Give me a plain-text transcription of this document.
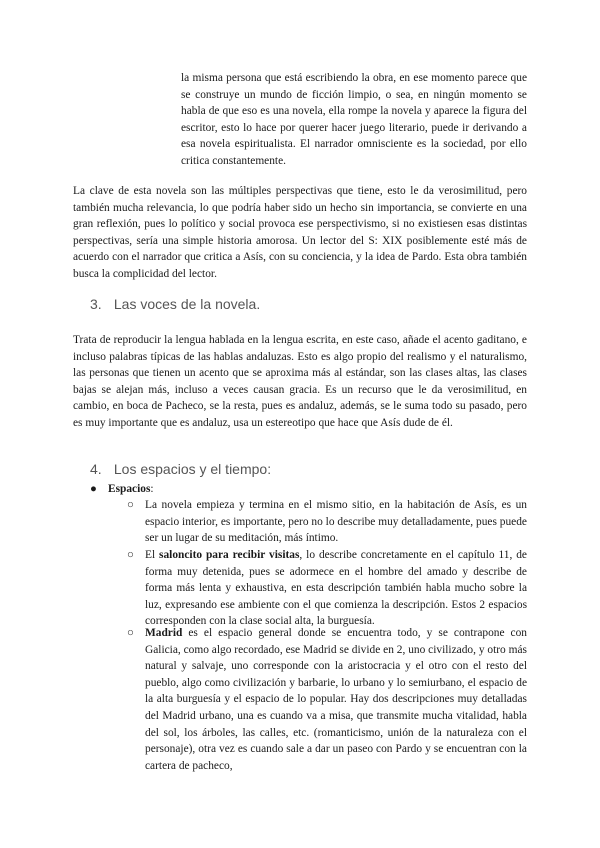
la misma persona que está escribiendo la obra, en ese momento parece que se construye un mundo de ficción limpio, o sea, en ningún momento se habla de que eso es una novela, ella rompe la novela y aparece la figura del escritor, esto lo hace por querer hacer juego literario, puede ir derivando a esa novela espiritualista. El narrador omnisciente es la sociedad, por ello critica constantemente.

La clave de esta novela son las múltiples perspectivas que tiene, esto le da verosimilitud, pero también mucha relevancia, lo que podría haber sido un hecho sin importancia, se convierte en una gran reflexión, pues lo político y social provoca ese perspectivismo, si no existiesen esas distintas perspectivas, sería una simple historia amorosa. Un lector del S: XIX posiblemente esté más de acuerdo con el narrador que critica a Asís, con su conciencia, y la idea de Pardo. Esta obra también busca la complicidad del lector.

3. Las voces de la novela.

Trata de reproducir la lengua hablada en la lengua escrita, en este caso, añade el acento gaditano, e incluso palabras típicas de las hablas andaluzas. Esto es algo propio del realismo y el naturalismo, las personas que tienen un acento que se aproxima más al estándar, son las clases altas, las clases bajas se alejan más, incluso a veces causan gracia. Es un recurso que le da verosimilitud, en cambio, en boca de Pacheco, se la resta, pues es andaluz, además, se le suma todo su pasado, pero es muy importante que es andaluz, usa un estereotipo que hace que Asís dude de él.

4. Los espacios y el tiempo:
● Espacios:
○ La novela empieza y termina en el mismo sitio, en la habitación de Asís, es un espacio interior, es importante, pero no lo describe muy detalladamente, pues puede ser un lugar de su meditación, más íntimo.
○ El saloncito para recibir visitas, lo describe concretamente en el capítulo 11, de forma muy detenida, pues se adormece en el hombre del amado y describe de forma más lenta y exhaustiva, en esta descripción también habla mucho sobre la luz, expresando ese ambiente con el que comienza la descripción. Estos 2 espacios corresponden con la clase social alta, la burguesía.
○ Madrid es el espacio general donde se encuentra todo, y se contrapone con Galicia, como algo recordado, ese Madrid se divide en 2, uno civilizado, y otro más natural y salvaje, uno corresponde con la aristocracia y el otro con el resto del pueblo, algo como civilización y barbarie, lo urbano y lo semiurbano, el espacio de la alta burguesía y el espacio de lo popular. Hay dos descripciones muy detalladas del Madrid urbano, una es cuando va a misa, que transmite mucha vitalidad, habla del sol, los árboles, las calles, etc. (romanticismo, unión de la naturaleza con el personaje), otra vez es cuando sale a dar un paseo con Pardo y se encuentran con la cartera de pacheco,
